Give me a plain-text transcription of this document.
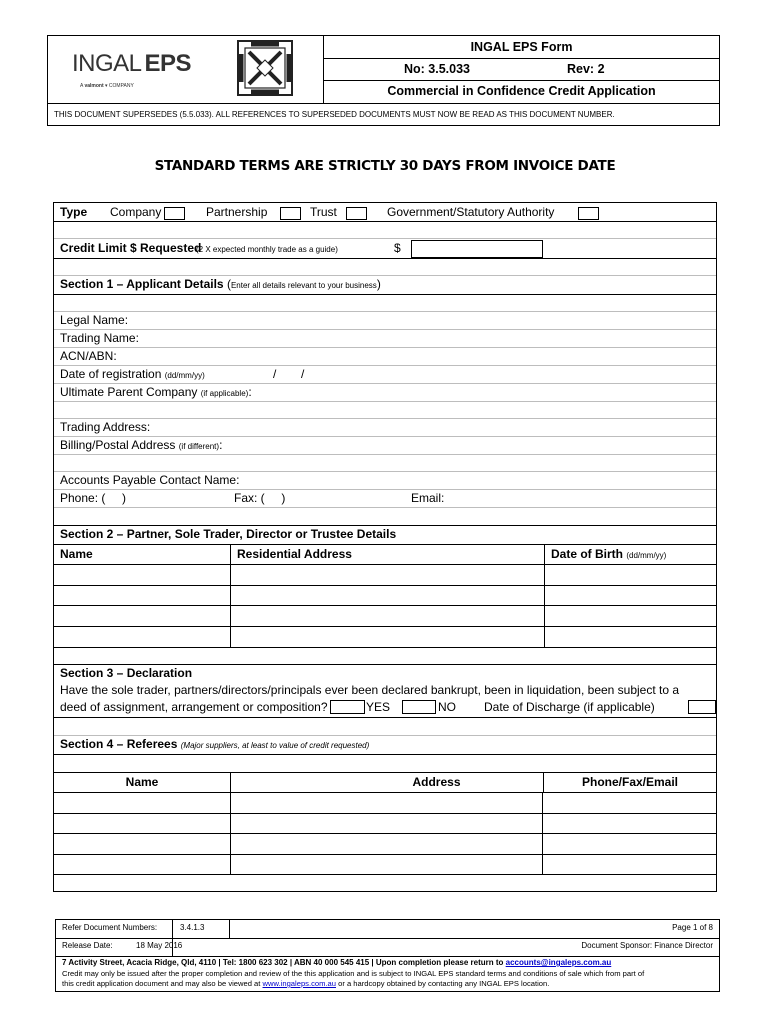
INGAL EPS
A valmont ▾ COMPANY
INGAL EPS Form
No: 3.5.033	Rev: 2
Commercial in Confidence Credit Application
THIS DOCUMENT SUPERSEDES (5.5.033). ALL REFERENCES TO SUPERSEDED DOCUMENTS MUST NOW BE READ AS THIS DOCUMENT NUMBER.
STANDARD TERMS ARE STRICTLY 30 DAYS FROM INVOICE DATE
Type Company	Partnership	Trust	Government/Statutory Authority
Credit Limit $ Requested
(2 X expected monthly trade as a guide)	$
Section 1 – Applicant Details (Enter all details relevant to your business)
Legal Name:
Trading Name:
ACN/ABN:
Date of registration (dd/mm/yy)	/ /
Ultimate Parent Company (if applicable):
Trading Address:
Billing/Postal Address (if different):
Accounts Payable Contact Name:
Phone: (     )	Fax: (     )	Email:
Section 2 – Partner, Sole Trader, Director or Trustee Details
Name	Residential Address	Date of Birth (dd/mm/yy)
Section 3 – Declaration
Have the sole trader, partners/directors/principals ever been declared bankrupt, been in liquidation, been subject to a
deed of assignment, arrangement or composition?	YES	NO Date of Discharge (if applicable)
Section 4 – Referees (Major suppliers, at least to value of credit requested)
Name	Address	Phone/Fax/Email
Refer Document Numbers:	3.4.1.3	Page 1 of 8
Release Date:	18 May 2016	Document Sponsor: Finance Director
7 Activity Street, Acacia Ridge, Qld, 4110 | Tel: 1800 623 302 | ABN 40 000 545 415 | Upon completion please return to accounts@ingaleps.com.au
Credit may only be issued after the proper completion and review of the this application and is subject to INGAL EPS standard terms and conditions of sale which from part of
this credit application document and may also be viewed at www.ingaleps.com.au or a hardcopy obtained by contacting any INGAL EPS location.
